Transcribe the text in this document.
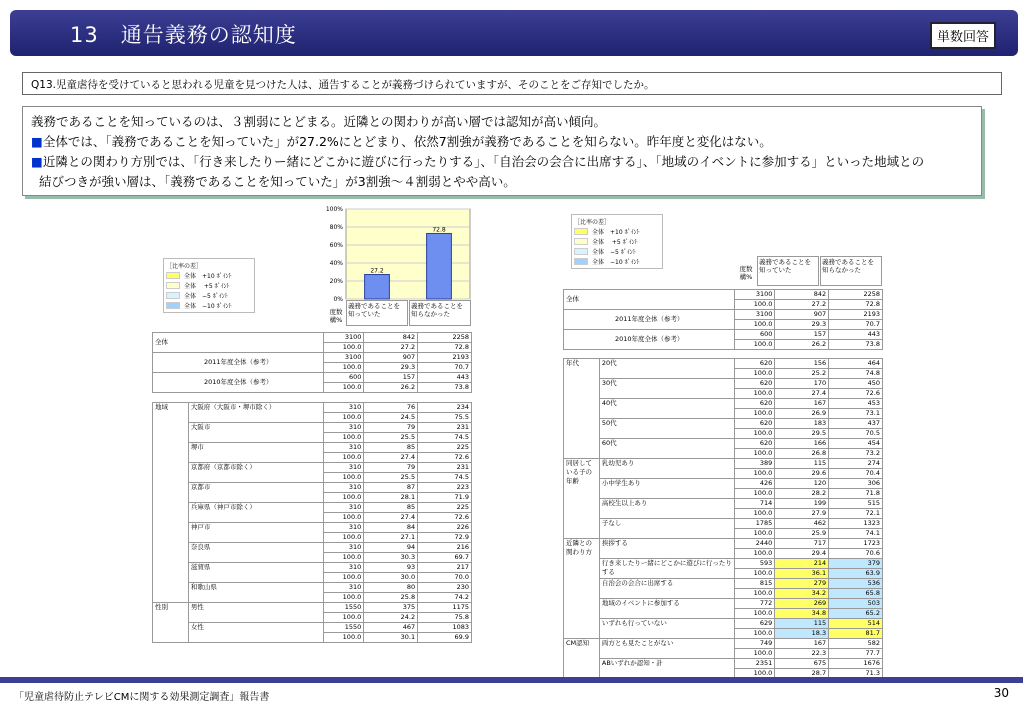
13　通告義務の認知度	単数回答
Q13.児童虐待を受けていると思われる児童を見つけた人は、通告することが義務づけられていますが、そのことをご存知でしたか。
義務であることを知っているのは、３割弱にとどまる。近隣との関わりが高い層では認知が高い傾向。
■全体では、「義務であることを知っていた」が27.2%にとどまり、依然7割強が義務であることを知らない。昨年度と変化はない。
■近隣との関わり方別では、「行き来したりー緒にどこかに遊びに行ったりする」、「自治会の会合に出席する」、「地域のイベントに参加する」といった地域との
結びつきが強い層は、「義務であることを知っていた」が3割強～４割弱とやや高い。
0%
20%
40%
60%
80%
100%
27.2
72.8
［比率の差］
全体　+10 ﾎﾟｲﾝﾄ
全体　 +5 ﾎﾟｲﾝﾄ
全体　−5 ﾎﾟｲﾝﾄ
全体　−10 ﾎﾟｲﾝﾄ
［比率の差］
全体　+10 ﾎﾟｲﾝﾄ
全体　 +5 ﾎﾟｲﾝﾄ
全体　−5 ﾎﾟｲﾝﾄ
全体　−10 ﾎﾟｲﾝﾄ
義務であることを知っていた
義務であることを知らなかった
度数
構%
義務であることを知っていた
義務であることを知らなかった
度数
構%
全体	3100	842	2258
	100.0	27.2	72.8
2011年度全体（参考）	3100	907	2193
	100.0	29.3	70.7
2010年度全体（参考）	600	157	443
	100.0	26.2	73.8
地域	大阪府（大阪市・堺市除く）	310	76	234
		100.0	24.5	75.5
	大阪市	310	79	231
		100.0	25.5	74.5
	堺市	310	85	225
		100.0	27.4	72.6
	京都府（京都市除く）	310	79	231
		100.0	25.5	74.5
	京都市	310	87	223
		100.0	28.1	71.9
	兵庫県（神戸市除く）	310	85	225
		100.0	27.4	72.6
	神戸市	310	84	226
		100.0	27.1	72.9
	奈良県	310	94	216
		100.0	30.3	69.7
	滋賀県	310	93	217
		100.0	30.0	70.0
	和歌山県	310	80	230
		100.0	25.8	74.2
性別	男性	1550	375	1175
		100.0	24.2	75.8
	女性	1550	467	1083
		100.0	30.1	69.9
全体	3100	842	2258
	100.0	27.2	72.8
2011年度全体（参考）	3100	907	2193
	100.0	29.3	70.7
2010年度全体（参考）	600	157	443
	100.0	26.2	73.8
年代	20代	620	156	464
		100.0	25.2	74.8
	30代	620	170	450
		100.0	27.4	72.6
	40代	620	167	453
		100.0	26.9	73.1
	50代	620	183	437
		100.0	29.5	70.5
	60代	620	166	454
		100.0	26.8	73.2
同居している子の年齢	乳幼児あり	389	115	274
		100.0	29.6	70.4
	小中学生あり	426	120	306
		100.0	28.2	71.8
	高校生以上あり	714	199	515
		100.0	27.9	72.1
	子なし	1785	462	1323
		100.0	25.9	74.1
近隣との関わり方	挨拶する	2440	717	1723
		100.0	29.4	70.6
	行き来したりー緒にどこかに遊びに行ったりする	593	214	379
		100.0	36.1	63.9
	自治会の会合に出席する	815	279	536
		100.0	34.2	65.8
	地域のイベントに参加する	772	269	503
		100.0	34.8	65.2
	いずれも行っていない	629	115	514
		100.0	18.3	81.7
CM認知	両方とも見たことがない	749	167	582
		100.0	22.3	77.7
	ABいずれか認知・計	2351	675	1676
		100.0	28.7	71.3
「児童虐待防止テレビCMに関する効果測定調査」報告書	30
